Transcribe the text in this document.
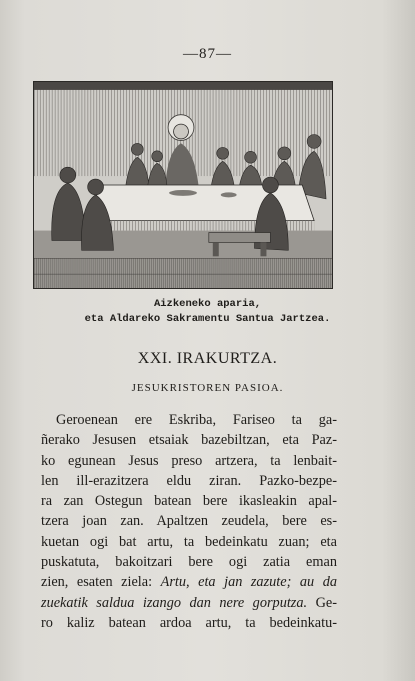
—87—
Aizkeneko aparia,
eta Aldareko Sakramentu Santua Jartzea.
XXI. IRAKURTZA.
JESUKRISTOREN PASIOA.
Geroenean ere Eskriba, Fariseo ta ga-
ñerako Jesusen etsaiak bazebiltzan, eta Paz-
ko egunean Jesus preso artzera, ta lenbait-
len ill-erazitzera eldu ziran. Pazko-bezpe-
ra zan Ostegun batean bere ikasleakin apal-
tzera joan zan. Apaltzen zeudela, bere es-
kuetan ogi bat artu, ta bedeinkatu zuan; eta
puskatuta, bakoitzari bere ogi zatia eman
zien, esaten ziela: Artu, eta jan zazute; au da
zuekatik saldua izango dan nere gorputza. Ge-
ro kaliz batean ardoa artu, ta bedeinkatu-
